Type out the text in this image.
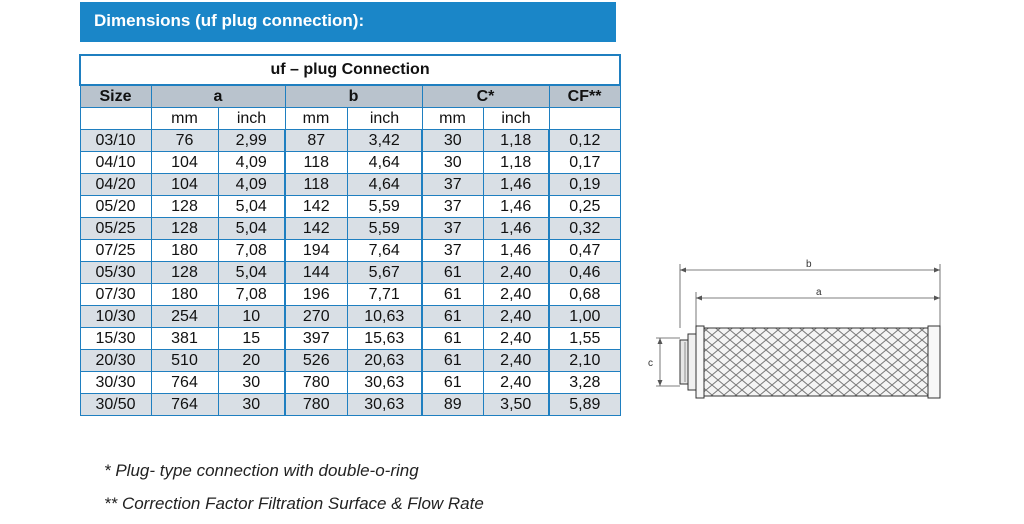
Dimensions (uf plug connection):
uf – plug Connection							
Size	a		b		C*		CF**
	mm	inch	mm	inch	mm	inch	
03/10	76	2,99	87	3,42	30	1,18	0,12
04/10	104	4,09	118	4,64	30	1,18	0,17
04/20	104	4,09	118	4,64	37	1,46	0,19
05/20	128	5,04	142	5,59	37	1,46	0,25
05/25	128	5,04	142	5,59	37	1,46	0,32
07/25	180	7,08	194	7,64	37	1,46	0,47
05/30	128	5,04	144	5,67	61	2,40	0,46
07/30	180	7,08	196	7,71	61	2,40	0,68
10/30	254	10	270	10,63	61	2,40	1,00
15/30	381	15	397	15,63	61	2,40	1,55
20/30	510	20	526	20,63	61	2,40	2,10
30/30	764	30	780	30,63	61	2,40	3,28
30/50	764	30	780	30,63	89	3,50	5,89
b
a
c
* Plug- type connection with double-o-ring
** Correction Factor Filtration Surface & Flow Rate
